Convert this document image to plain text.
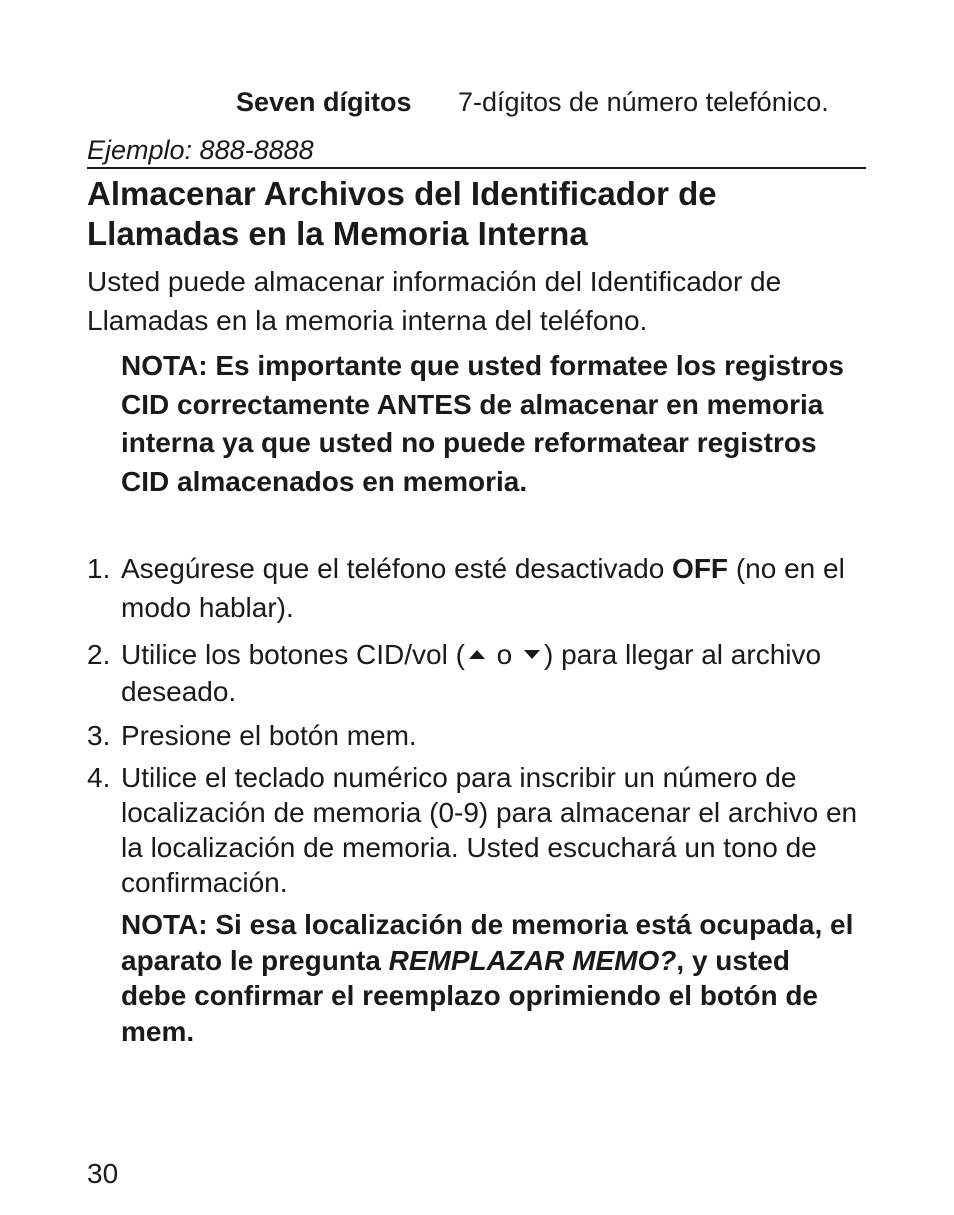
Seven dígitos 7-dígitos de número telefónico.
Ejemplo: 888-8888
Almacenar Archivos del Identificador de Llamadas en la Memoria Interna
Usted puede almacenar información del Identificador de Llamadas en la memoria interna del teléfono.
NOTA: Es importante que usted formatee los registros CID correctamente ANTES de almacenar en memoria interna ya que usted no puede reformatear registros CID almacenados en memoria.
1. Asegúrese que el teléfono esté desactivado OFF (no en el modo hablar).
2. Utilice los botones CID/vol ( o ) para llegar al archivo deseado.
3. Presione el botón mem.
4. Utilice el teclado numérico para inscribir un número de localización de memoria (0-9) para almacenar el archivo en la localización de memoria. Usted escuchará un tono de confirmación.
NOTA: Si esa localización de memoria está ocupada, el aparato le pregunta REMPLAZAR MEMO?, y usted debe confirmar el reemplazo oprimiendo el botón de mem.
30
